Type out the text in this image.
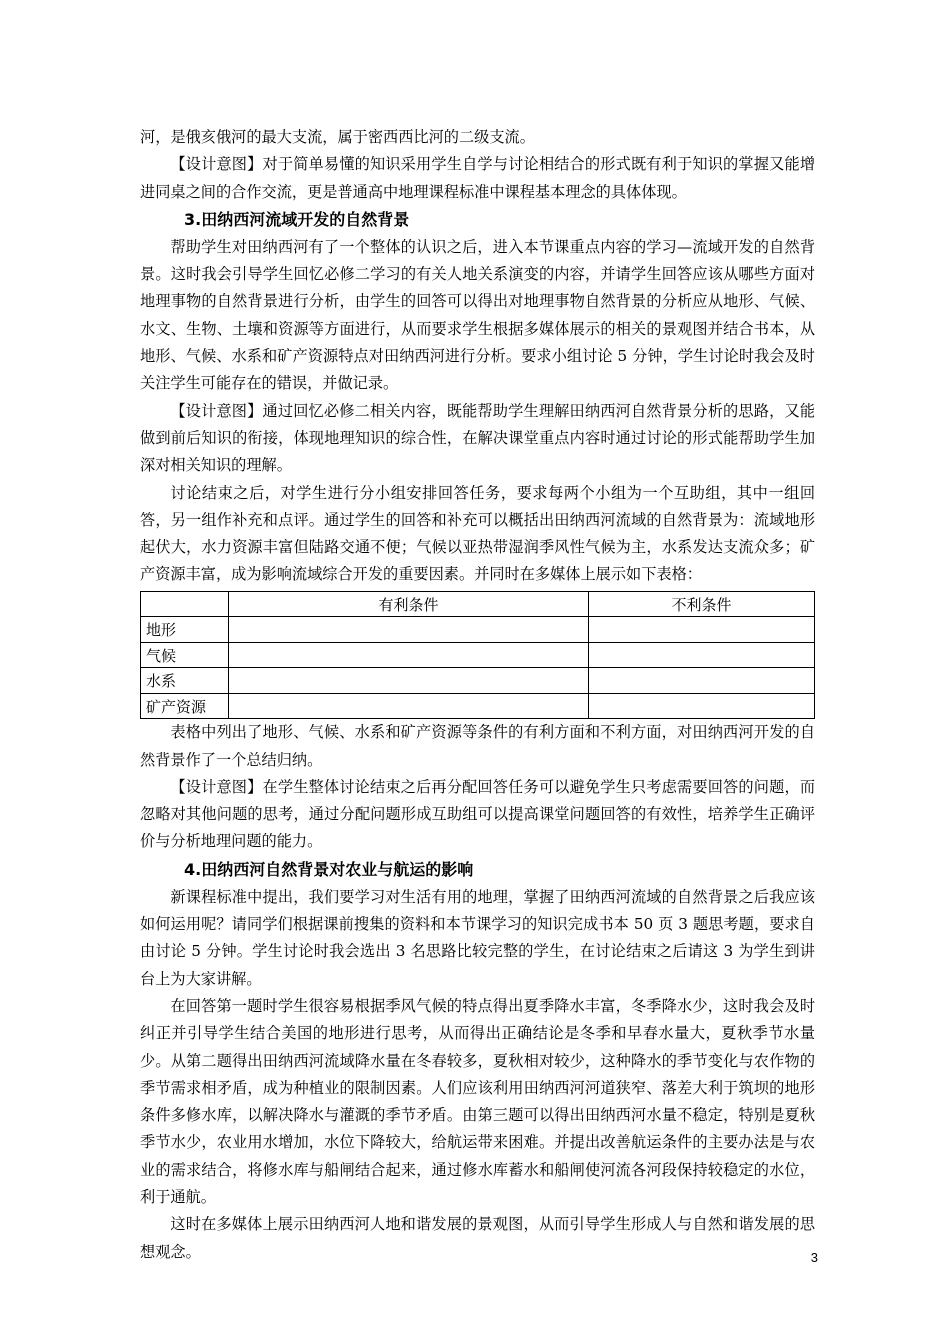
河，是俄亥俄河的最大支流，属于密西西比河的二级支流。

【设计意图】对于简单易懂的知识采用学生自学与讨论相结合的形式既有利于知识的掌握又能增进同桌之间的合作交流，更是普通高中地理课程标准中课程基本理念的具体体现。

3.田纳西河流域开发的自然背景

帮助学生对田纳西河有了一个整体的认识之后，进入本节课重点内容的学习—流域开发的自然背景。这时我会引导学生回忆必修二学习的有关人地关系演变的内容，并请学生回答应该从哪些方面对地理事物的自然背景进行分析，由学生的回答可以得出对地理事物自然背景的分析应从地形、气候、水文、生物、土壤和资源等方面进行，从而要求学生根据多媒体展示的相关的景观图并结合书本，从地形、气候、水系和矿产资源特点对田纳西河进行分析。要求小组讨论 5 分钟，学生讨论时我会及时关注学生可能存在的错误，并做记录。

【设计意图】通过回忆必修二相关内容，既能帮助学生理解田纳西河自然背景分析的思路，又能做到前后知识的衔接，体现地理知识的综合性，在解决课堂重点内容时通过讨论的形式能帮助学生加深对相关知识的理解。

讨论结束之后，对学生进行分小组安排回答任务，要求每两个小组为一个互助组，其中一组回答，另一组作补充和点评。通过学生的回答和补充可以概括出田纳西河流域的自然背景为：流域地形起伏大，水力资源丰富但陆路交通不便；气候以亚热带湿润季风性气候为主，水系发达支流众多；矿产资源丰富，成为影响流域综合开发的重要因素。并同时在多媒体上展示如下表格：

	有利条件	不利条件
地形		
气候		
水系		
矿产资源		

表格中列出了地形、气候、水系和矿产资源等条件的有利方面和不利方面，对田纳西河开发的自然背景作了一个总结归纳。

【设计意图】在学生整体讨论结束之后再分配回答任务可以避免学生只考虑需要回答的问题，而忽略对其他问题的思考，通过分配问题形成互助组可以提高课堂问题回答的有效性，培养学生正确评价与分析地理问题的能力。

4.田纳西河自然背景对农业与航运的影响

新课程标准中提出，我们要学习对生活有用的地理，掌握了田纳西河流域的自然背景之后我应该如何运用呢？请同学们根据课前搜集的资料和本节课学习的知识完成书本 50 页 3 题思考题，要求自由讨论 5 分钟。学生讨论时我会选出 3 名思路比较完整的学生，在讨论结束之后请这 3 为学生到讲台上为大家讲解。

在回答第一题时学生很容易根据季风气候的特点得出夏季降水丰富，冬季降水少，这时我会及时纠正并引导学生结合美国的地形进行思考，从而得出正确结论是冬季和早春水量大，夏秋季节水量少。从第二题得出田纳西河流域降水量在冬春较多，夏秋相对较少，这种降水的季节变化与农作物的季节需求相矛盾，成为种植业的限制因素。人们应该利用田纳西河河道狭窄、落差大利于筑坝的地形条件多修水库，以解决降水与灌溉的季节矛盾。由第三题可以得出田纳西河水量不稳定，特别是夏秋季节水少，农业用水增加，水位下降较大，给航运带来困难。并提出改善航运条件的主要办法是与农业的需求结合，将修水库与船闸结合起来，通过修水库蓄水和船闸使河流各河段保持较稳定的水位，利于通航。

这时在多媒体上展示田纳西河人地和谐发展的景观图，从而引导学生形成人与自然和谐发展的思想观念。	3
